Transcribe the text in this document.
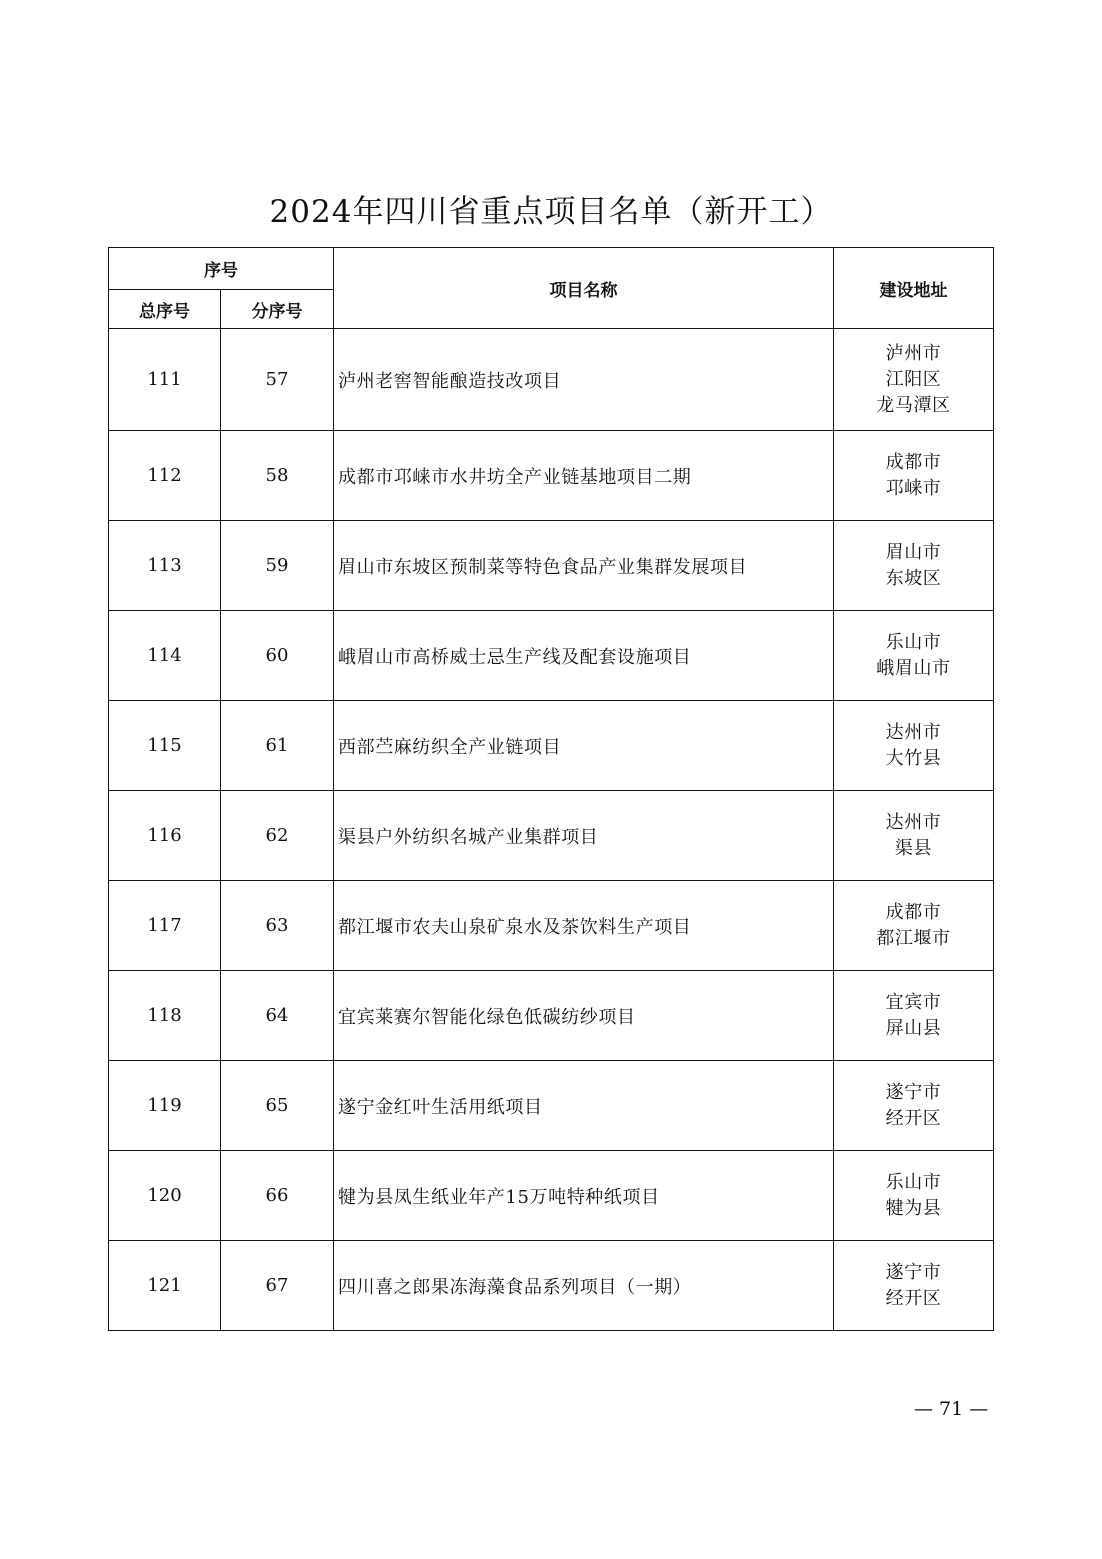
2024年四川省重点项目名单（新开工）
序号		项目名称	建设地址
总序号	分序号		
111	57	泸州老窖智能酿造技改项目	泸州市
江阳区
龙马潭区

112	58	成都市邛崃市水井坊全产业链基地项目二期	成都市
邛崃市

113	59	眉山市东坡区预制菜等特色食品产业集群发展项目	眉山市
东坡区

114	60	峨眉山市高桥威士忌生产线及配套设施项目	乐山市
峨眉山市

115	61	西部苎麻纺织全产业链项目	达州市
大竹县

116	62	渠县户外纺织名城产业集群项目	达州市
渠县

117	63	都江堰市农夫山泉矿泉水及茶饮料生产项目	成都市
都江堰市

118	64	宜宾莱赛尔智能化绿色低碳纺纱项目	宜宾市
屏山县

119	65	遂宁金红叶生活用纸项目	遂宁市
经开区

120	66	犍为县凤生纸业年产15万吨特种纸项目	乐山市
犍为县

121	67	四川喜之郎果冻海藻食品系列项目（一期）	遂宁市
经开区
— 71 —
